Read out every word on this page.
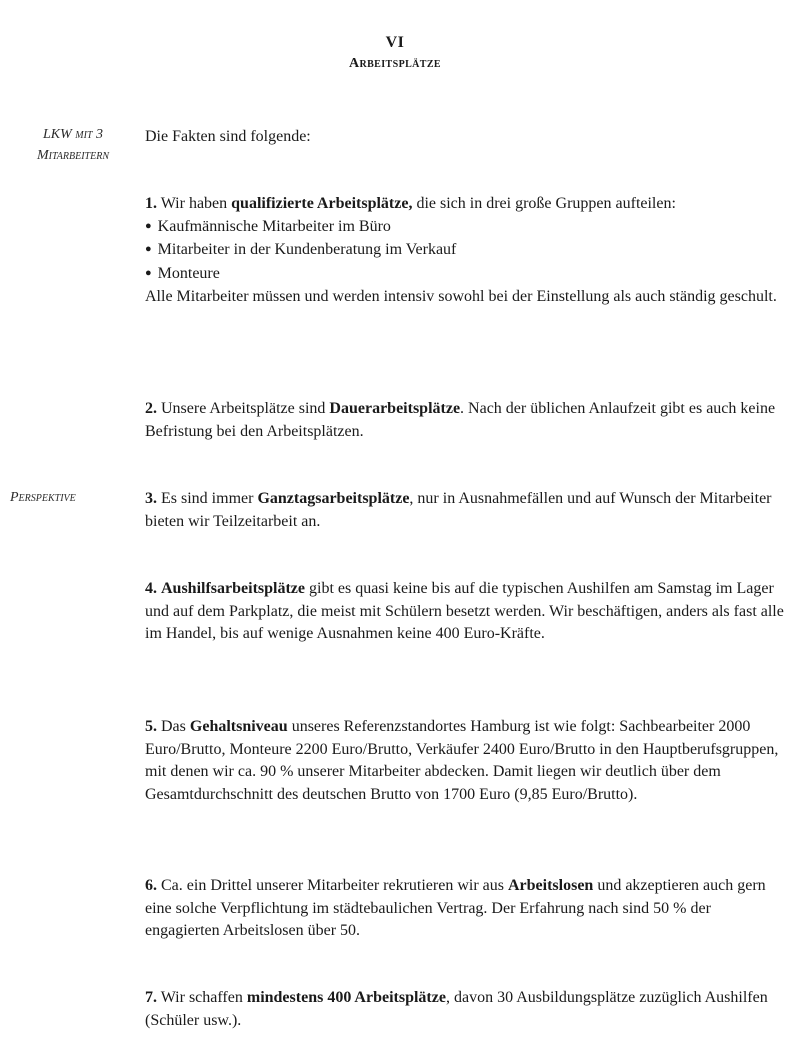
VI
Arbeitsplätze
LKW mit 3
Mitarbeitern
Perspektive

Die Fakten sind folgende:

1. Wir haben qualifizierte Arbeitsplätze, die sich in drei große Gruppen aufteilen:

● Kaufmännische Mitarbeiter im Büro
● Mitarbeiter in der Kundenberatung im Verkauf
● Monteure

Alle Mitarbeiter müssen und werden intensiv sowohl bei der Einstellung als auch ständig geschult.

2. Unsere Arbeitsplätze sind Dauerarbeitsplätze. Nach der üblichen Anlaufzeit gibt es auch keine Befristung bei den Arbeitsplätzen.

3. Es sind immer Ganztagsarbeitsplätze, nur in Ausnahmefällen und auf Wunsch der Mitarbeiter bieten wir Teilzeitarbeit an.

4. Aushilfsarbeitsplätze gibt es quasi keine bis auf die typischen Aushilfen am Samstag im Lager und auf dem Parkplatz, die meist mit Schülern besetzt werden. Wir beschäftigen, anders als fast alle im Handel, bis auf wenige Ausnahmen keine 400 Euro-Kräfte.

5. Das Gehaltsniveau unseres Referenzstandortes Hamburg ist wie folgt: Sachbearbeiter 2000 Euro/Brutto, Monteure 2200 Euro/Brutto, Verkäufer 2400 Euro/Brutto in den Hauptberufsgruppen, mit denen wir ca. 90 % unserer Mitarbeiter abdecken. Damit liegen wir deutlich über dem Gesamtdurchschnitt des deutschen Brutto von 1700 Euro (9,85 Euro/Brutto).

6. Ca. ein Drittel unserer Mitarbeiter rekrutieren wir aus Arbeitslosen und akzeptieren auch gern eine solche Verpflichtung im städtebaulichen Vertrag. Der Erfahrung nach sind 50 % der engagierten Arbeitslosen über 50.

7. Wir schaffen mindestens 400 Arbeitsplätze, davon 30 Ausbildungsplätze zuzüglich Aushilfen (Schüler usw.).
